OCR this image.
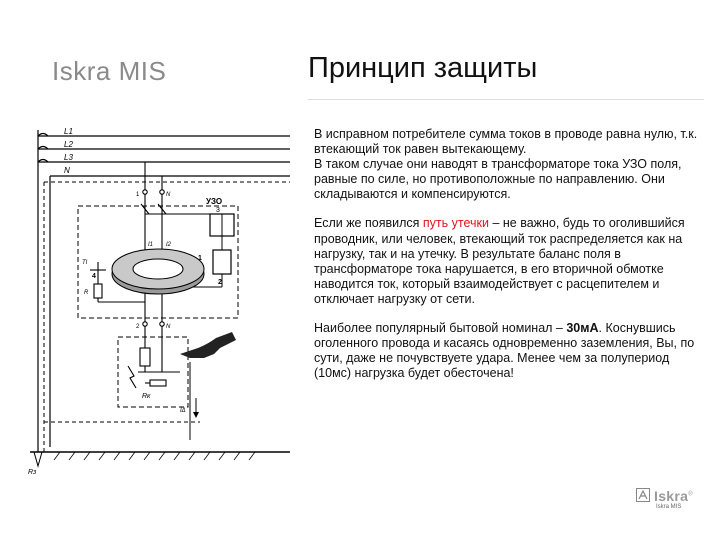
Iskra MIS	Принцип защиты
L1
L2
L3
N
УЗО
3
1	N
2	N
I1 I2
4
1
2
TI
R
Rк
IΔ
Rз

В исправном потребителе сумма токов в проводе равна нулю, т.к. втекающий ток равен вытекающему.
В таком случае они наводят в трансформаторе тока УЗО поля, равные по силе, но противоположные по направлению. Они складываются и компенсируются.

Если же появился путь утечки – не важно, будь то оголившийся проводник, или человек, втекающий ток распределяется как на нагрузку, так и на утечку. В результате баланс поля в трансформаторе тока нарушается, в его вторичной обмотке наводится ток, который взаимодействует с расцепителем и отключает нагрузку от сети.

Наиболее популярный бытовой номинал – 30мА. Коснувшись оголенного провода и касаясь одновременно заземления, Вы, по сути, даже не почувствуете удара. Менее чем за полупериод (10мс) нагрузка будет обесточена!

Iskra®
Iskra MIS
